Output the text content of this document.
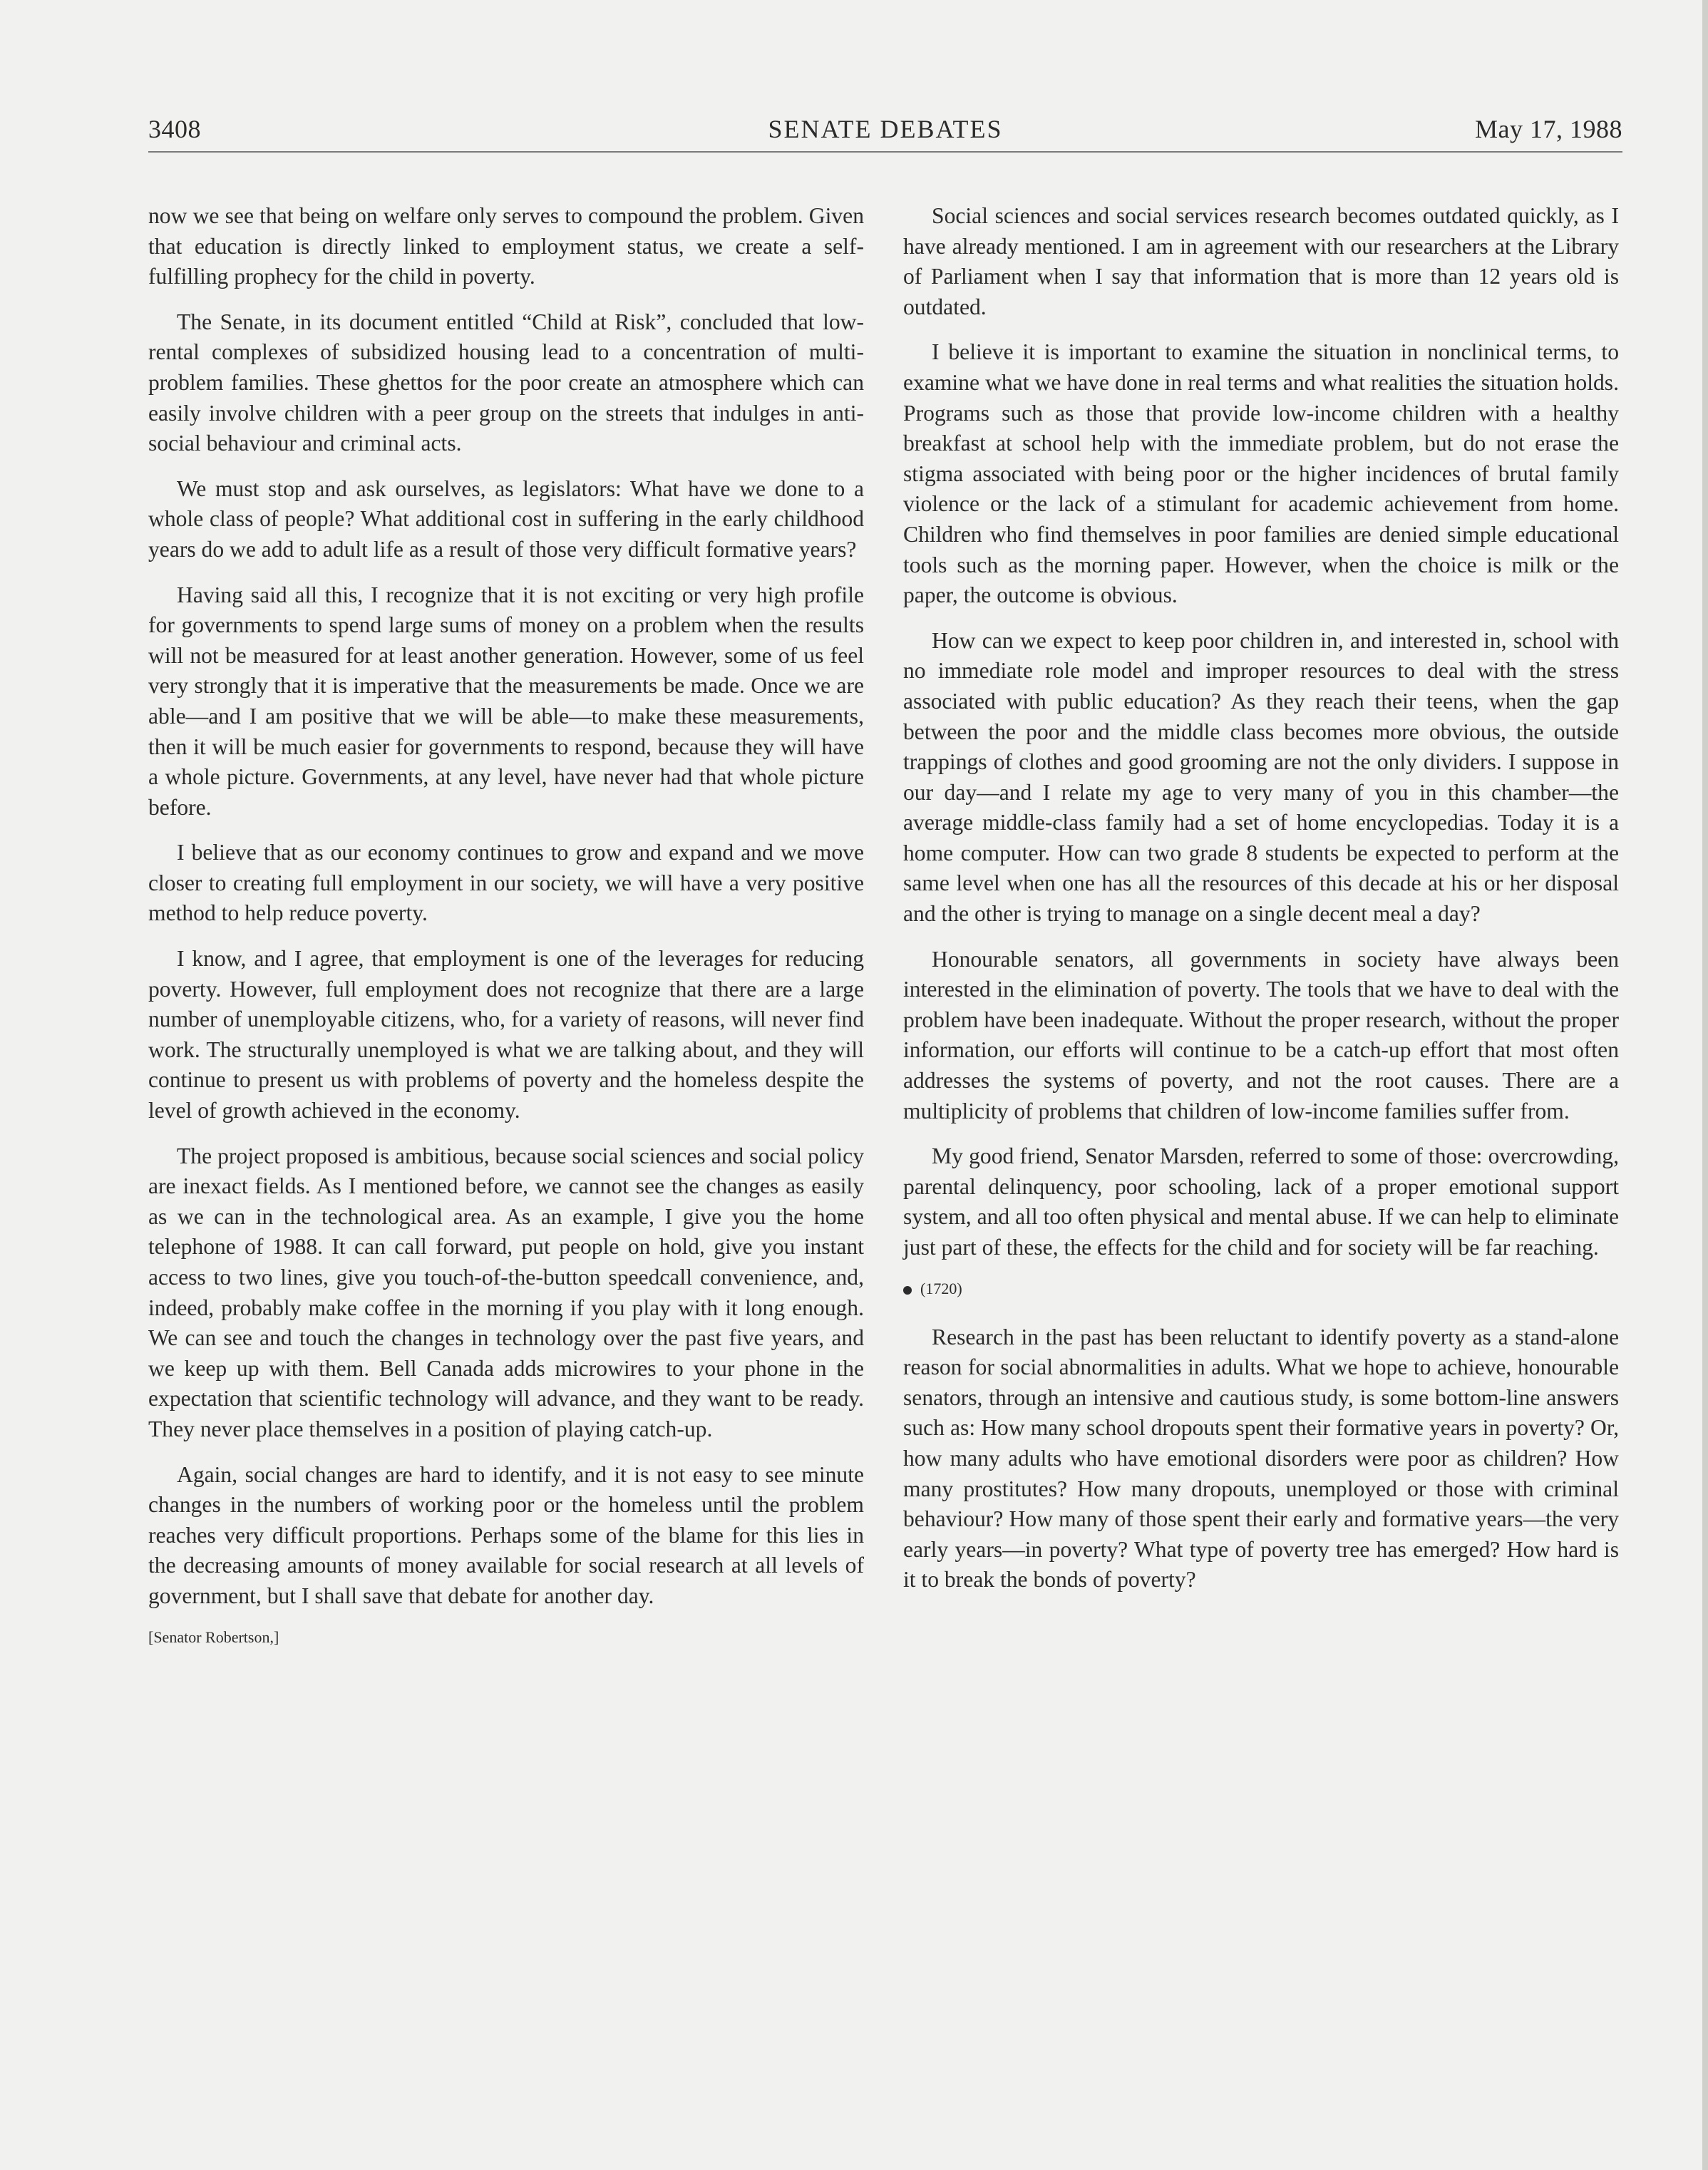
3408	SENATE DEBATES	May 17, 1988

now we see that being on welfare only serves to compound the problem. Given that education is directly linked to employment status, we create a self-fulfilling prophecy for the child in poverty.

The Senate, in its document entitled “Child at Risk”, concluded that low-rental complexes of subsidized housing lead to a concentration of multi-problem families. These ghettos for the poor create an atmosphere which can easily involve children with a peer group on the streets that indulges in anti-social behaviour and criminal acts.

We must stop and ask ourselves, as legislators: What have we done to a whole class of people? What additional cost in suffering in the early childhood years do we add to adult life as a result of those very difficult formative years?

Having said all this, I recognize that it is not exciting or very high profile for governments to spend large sums of money on a problem when the results will not be measured for at least another generation. However, some of us feel very strongly that it is imperative that the measurements be made. Once we are able—and I am positive that we will be able—to make these measurements, then it will be much easier for governments to respond, because they will have a whole picture. Governments, at any level, have never had that whole picture before.

I believe that as our economy continues to grow and expand and we move closer to creating full employment in our society, we will have a very positive method to help reduce poverty.

I know, and I agree, that employment is one of the leverages for reducing poverty. However, full employment does not recognize that there are a large number of unemployable citizens, who, for a variety of reasons, will never find work. The structurally unemployed is what we are talking about, and they will continue to present us with problems of poverty and the homeless despite the level of growth achieved in the economy.

The project proposed is ambitious, because social sciences and social policy are inexact fields. As I mentioned before, we cannot see the changes as easily as we can in the technological area. As an example, I give you the home telephone of 1988. It can call forward, put people on hold, give you instant access to two lines, give you touch-of-the-button speedcall convenience, and, indeed, probably make coffee in the morning if you play with it long enough. We can see and touch the changes in technology over the past five years, and we keep up with them. Bell Canada adds microwires to your phone in the expectation that scientific technology will advance, and they want to be ready. They never place themselves in a position of playing catch-up.

Again, social changes are hard to identify, and it is not easy to see minute changes in the numbers of working poor or the homeless until the problem reaches very difficult proportions. Perhaps some of the blame for this lies in the decreasing amounts of money available for social research at all levels of government, but I shall save that debate for another day.

[Senator Robertson,]

Social sciences and social services research becomes outdated quickly, as I have already mentioned. I am in agreement with our researchers at the Library of Parliament when I say that information that is more than 12 years old is outdated.

I believe it is important to examine the situation in nonclinical terms, to examine what we have done in real terms and what realities the situation holds. Programs such as those that provide low-income children with a healthy breakfast at school help with the immediate problem, but do not erase the stigma associated with being poor or the higher incidences of brutal family violence or the lack of a stimulant for academic achievement from home. Children who find themselves in poor families are denied simple educational tools such as the morning paper. However, when the choice is milk or the paper, the outcome is obvious.

How can we expect to keep poor children in, and interested in, school with no immediate role model and improper resources to deal with the stress associated with public education? As they reach their teens, when the gap between the poor and the middle class becomes more obvious, the outside trappings of clothes and good grooming are not the only dividers. I suppose in our day—and I relate my age to very many of you in this chamber—the average middle-class family had a set of home encyclopedias. Today it is a home computer. How can two grade 8 students be expected to perform at the same level when one has all the resources of this decade at his or her disposal and the other is trying to manage on a single decent meal a day?

Honourable senators, all governments in society have always been interested in the elimination of poverty. The tools that we have to deal with the problem have been inadequate. Without the proper research, without the proper information, our efforts will continue to be a catch-up effort that most often addresses the systems of poverty, and not the root causes. There are a multiplicity of problems that children of low-income families suffer from.

My good friend, Senator Marsden, referred to some of those: overcrowding, parental delinquency, poor schooling, lack of a proper emotional support system, and all too often physical and mental abuse. If we can help to eliminate just part of these, the effects for the child and for society will be far reaching.

(1720)

Research in the past has been reluctant to identify poverty as a stand-alone reason for social abnormalities in adults. What we hope to achieve, honourable senators, through an intensive and cautious study, is some bottom-line answers such as: How many school dropouts spent their formative years in poverty? Or, how many adults who have emotional disorders were poor as children? How many prostitutes? How many dropouts, unemployed or those with criminal behaviour? How many of those spent their early and formative years—the very early years—in poverty? What type of poverty tree has emerged? How hard is it to break the bonds of poverty?
